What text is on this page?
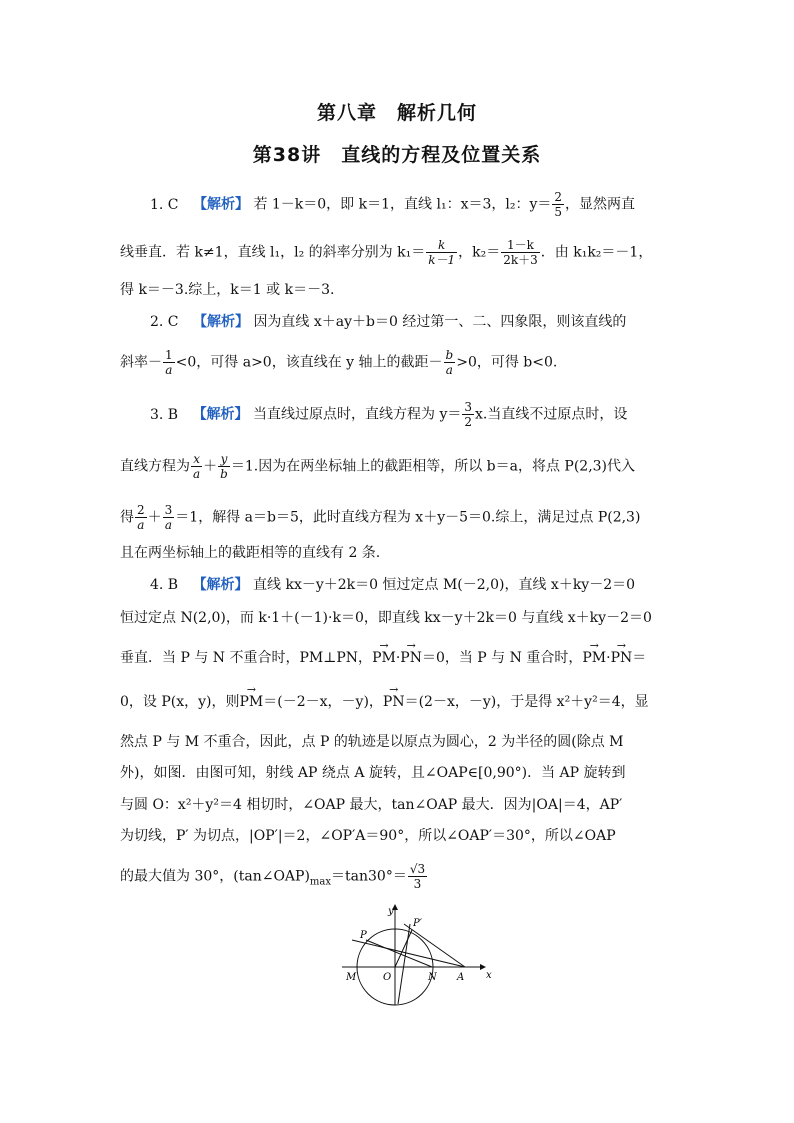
第八章　解析几何
第38讲　直线的方程及位置关系
1. C 【解析】 若 1－k＝0，即 k＝1，直线 l₁：x＝3，l₂：$y= \frac{2}{5}$ ，显然两直
线垂直．若 k≠1，直线 l₁，l₂ 的斜率分别为 $k_1= \frac{k}{k-1}$ ，$k_2= \frac{1-k}{2k+3}$ ．由 k₁k₂＝－1，
得 k＝－3.综上，k＝1 或 k＝－3.
2. C 【解析】 因为直线 x＋ay＋b＝0 经过第一、二、四象限，则该直线的
斜率－ $\frac{1}{a} <0$，可得 a>0，该直线在 y 轴上的截距－ $\frac{b}{a} >0$，可得 b<0.
3. B 【解析】 当直线过原点时，直线方程为 $y= \frac{3}{2} x$.当直线不过原点时，设
直线方程为 $\frac{x}{a} + \frac{y}{b} =1$.因为在两坐标轴上的截距相等，所以 b＝a，将点 P(2,3)代入
得 $\frac{2}{a} + \frac{3}{a} =1$，解得 a＝b＝5，此时直线方程为 x＋y－5＝0.综上，满足过点 P(2,3)
且在两坐标轴上的截距相等的直线有 2 条.
4. B 【解析】 直线 kx－y＋2k＝0 恒过定点 M(－2,0)，直线 x＋ky－2＝0
恒过定点 N(2,0)，而 k·1＋(－1)·k＝0，即直线 kx－y＋2k＝0 与直线 x＋ky－2＝0
垂直．当 P 与 N 不重合时，PM⊥PN，→ PM·→ PN＝0，当 P 与 N 重合时，→ PM·→ PN＝
0，设 P(x，y)，则→ PM＝(－2－x，－y)，→ PN＝(2－x，－y)，于是得 x²＋y²＝4，显
然点 P 与 M 不重合，因此，点 P 的轨迹是以原点为圆心，2 为半径的圆(除点 M
外)，如图．由图可知，射线 AP 绕点 A 旋转，且∠OAP∈[0,90°)．当 AP 旋转到
与圆 O：x²＋y²＝4 相切时，∠OAP 最大，tan∠OAP 最大．因为|OA|＝4，AP′
为切线，P′ 为切点，|OP′|＝2，∠OP′A＝90°，所以∠OAP′＝30°，所以∠OAP
的最大值为 30°，$(\tan\angle OAP)_{max}=\tan 30^\circ= \frac{√3}{3}$
y
x
P
P′
M	O	N A
